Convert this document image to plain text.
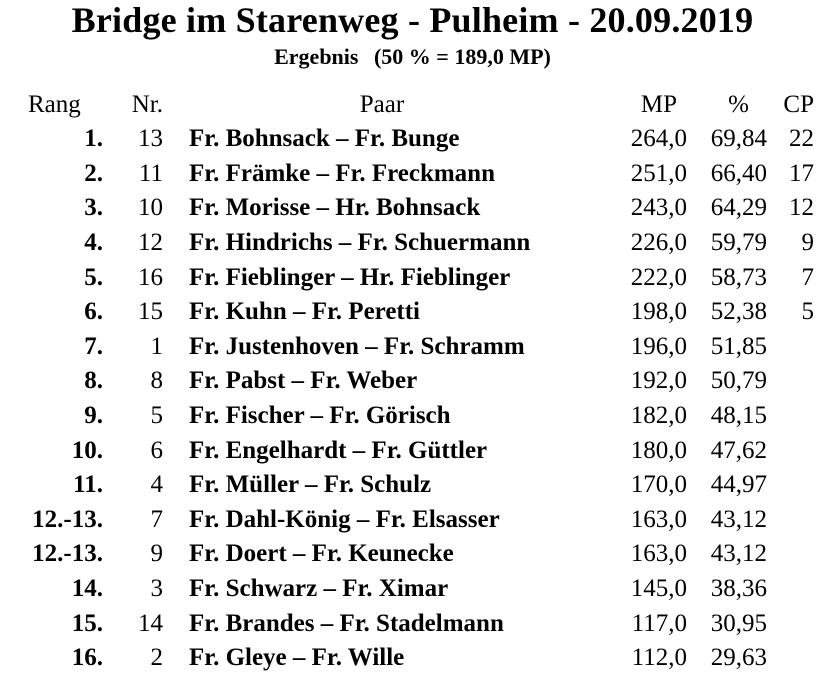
Bridge im Starenweg - Pulheim - 20.09.2019
Ergebnis (50 % = 189,0 MP)
Rang	Nr.	Paar	MP	%	CP
1.	13	Fr. Bohnsack – Fr. Bunge	264,0	69,84	22
2.	11	Fr. Främke – Fr. Freckmann	251,0	66,40	17
3.	10	Fr. Morisse – Hr. Bohnsack	243,0	64,29	12
4.	12	Fr. Hindrichs – Fr. Schuermann	226,0	59,79	9
5.	16	Fr. Fieblinger – Hr. Fieblinger	222,0	58,73	7
6.	15	Fr. Kuhn – Fr. Peretti	198,0	52,38	5
7.	1	Fr. Justenhoven – Fr. Schramm	196,0	51,85	
8.	8	Fr. Pabst – Fr. Weber	192,0	50,79	
9.	5	Fr. Fischer – Fr. Görisch	182,0	48,15	
10.	6	Fr. Engelhardt – Fr. Güttler	180,0	47,62	
11.	4	Fr. Müller – Fr. Schulz	170,0	44,97	
12.-13.	7	Fr. Dahl-König – Fr. Elsasser	163,0	43,12	
12.-13.	9	Fr. Doert – Fr. Keunecke	163,0	43,12	
14.	3	Fr. Schwarz – Fr. Ximar	145,0	38,36	
15.	14	Fr. Brandes – Fr. Stadelmann	117,0	30,95	
16.	2	Fr. Gleye – Fr. Wille	112,0	29,63	
